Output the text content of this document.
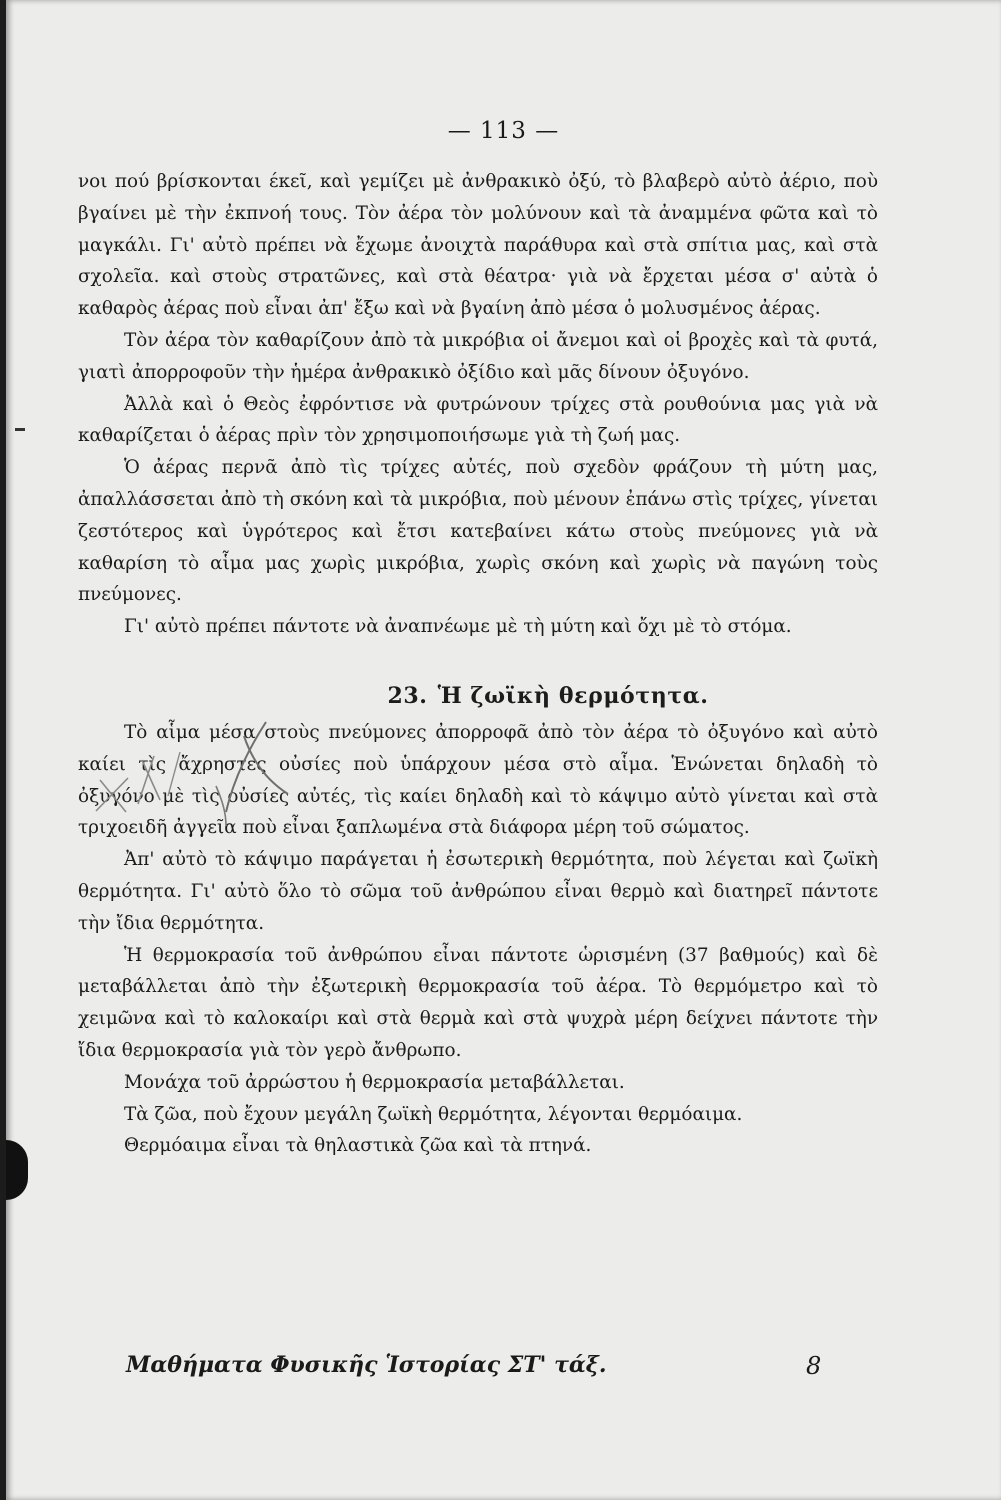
— 113 —

νοι πού βρίσκονται έκεῖ, καὶ γεμίζει μὲ ἀνθρακικὸ ὀξύ, τὸ βλαβερὸ αὐτὸ ἀέριο, ποὺ βγαίνει μὲ τὴν ἐκπνοή τους. Τὸν ἀέρα τὸν μολύνουν καὶ τὰ ἀναμμένα φῶτα καὶ τὸ μαγκάλι. Γι' αὐτὸ πρέπει νὰ ἔχωμε ἀνοιχτὰ παράθυρα καὶ στὰ σπίτια μας, καὶ στὰ σχολεῖα. καὶ στοὺς στρατῶνες, καὶ στὰ θέατρα· γιὰ νὰ ἔρχεται μέσα σ' αὐτὰ ὁ καθαρὸς ἀέρας ποὺ εἶναι ἀπ' ἔξω καὶ νὰ βγαίνη ἀπὸ μέσα ὁ μολυσμένος ἀέρας.

Τὸν ἀέρα τὸν καθαρίζουν ἀπὸ τὰ μικρόβια οἱ ἄνεμοι καὶ οἱ βροχὲς καὶ τὰ φυτά, γιατὶ ἀπορροφοῦν τὴν ἡμέρα ἀνθρακικὸ ὀξίδιο καὶ μᾶς δίνουν ὀξυγόνο.

Ἀλλὰ καὶ ὁ Θεὸς ἐφρόντισε νὰ φυτρώνουν τρίχες στὰ ρουθούνια μας γιὰ νὰ καθαρίζεται ὁ ἀέρας πρὶν τὸν χρησιμοποιήσωμε γιὰ τὴ ζωή μας.

Ὁ ἀέρας περνᾶ ἀπὸ τὶς τρίχες αὐτές, ποὺ σχεδὸν φράζουν τὴ μύτη μας, ἀπαλλάσσεται ἀπὸ τὴ σκόνη καὶ τὰ μικρόβια, ποὺ μένουν ἐπάνω στὶς τρίχες, γίνεται ζεστότερος καὶ ὑγρότερος καὶ ἔτσι κατεβαίνει κάτω στοὺς πνεύμονες γιὰ νὰ καθαρίση τὸ αἷμα μας χωρὶς μικρόβια, χωρὶς σκόνη καὶ χωρὶς νὰ παγώνη τοὺς πνεύμονες.

Γι' αὐτὸ πρέπει πάντοτε νὰ ἀναπνέωμε μὲ τὴ μύτη καὶ ὄχι μὲ τὸ στόμα.

23. Ἡ ζωϊκὴ θερμότητα.

Τὸ αἷμα μέσα στοὺς πνεύμονες ἀπορροφᾶ ἀπὸ τὸν ἀέρα τὸ ὀξυγόνο καὶ αὐτὸ καίει τὶς ἄχρηστες οὐσίες ποὺ ὑπάρχουν μέσα στὸ αἷμα. Ἑνώνεται δηλαδὴ τὸ ὀξυγόνο μὲ τὶς οὐσίες αὐτές, τὶς καίει δηλαδὴ καὶ τὸ κάψιμο αὐτὸ γίνεται καὶ στὰ τριχοειδῆ ἀγγεῖα ποὺ εἶναι ξαπλωμένα στὰ διάφορα μέρη τοῦ σώματος.

Ἀπ' αὐτὸ τὸ κάψιμο παράγεται ἡ ἐσωτερικὴ θερμότητα, ποὺ λέγεται καὶ ζωϊκὴ θερμότητα. Γι' αὐτὸ ὅλο τὸ σῶμα τοῦ ἀνθρώπου εἶναι θερμὸ καὶ διατηρεῖ πάντοτε τὴν ἴδια θερμότητα.

Ἡ θερμοκρασία τοῦ ἀνθρώπου εἶναι πάντοτε ὡρισμένη (37 βαθμούς) καὶ δὲ μεταβάλλεται ἀπὸ τὴν ἐξωτερικὴ θερμοκρασία τοῦ ἀέρα. Τὸ θερμόμετρο καὶ τὸ χειμῶνα καὶ τὸ καλοκαίρι καὶ στὰ θερμὰ καὶ στὰ ψυχρὰ μέρη δείχνει πάντοτε τὴν ἴδια θερμοκρασία γιὰ τὸν γερὸ ἄνθρωπο.

Μονάχα τοῦ ἀρρώστου ἡ θερμοκρασία μεταβάλλεται.

Τὰ ζῶα, ποὺ ἔχουν μεγάλη ζωϊκὴ θερμότητα, λέγονται θερμόαιμα.

Θερμόαιμα εἶναι τὰ θηλαστικὰ ζῶα καὶ τὰ πτηνά.

Μαθήματα Φυσικῆς Ἱστορίας ΣΤ' τάξ.	8
